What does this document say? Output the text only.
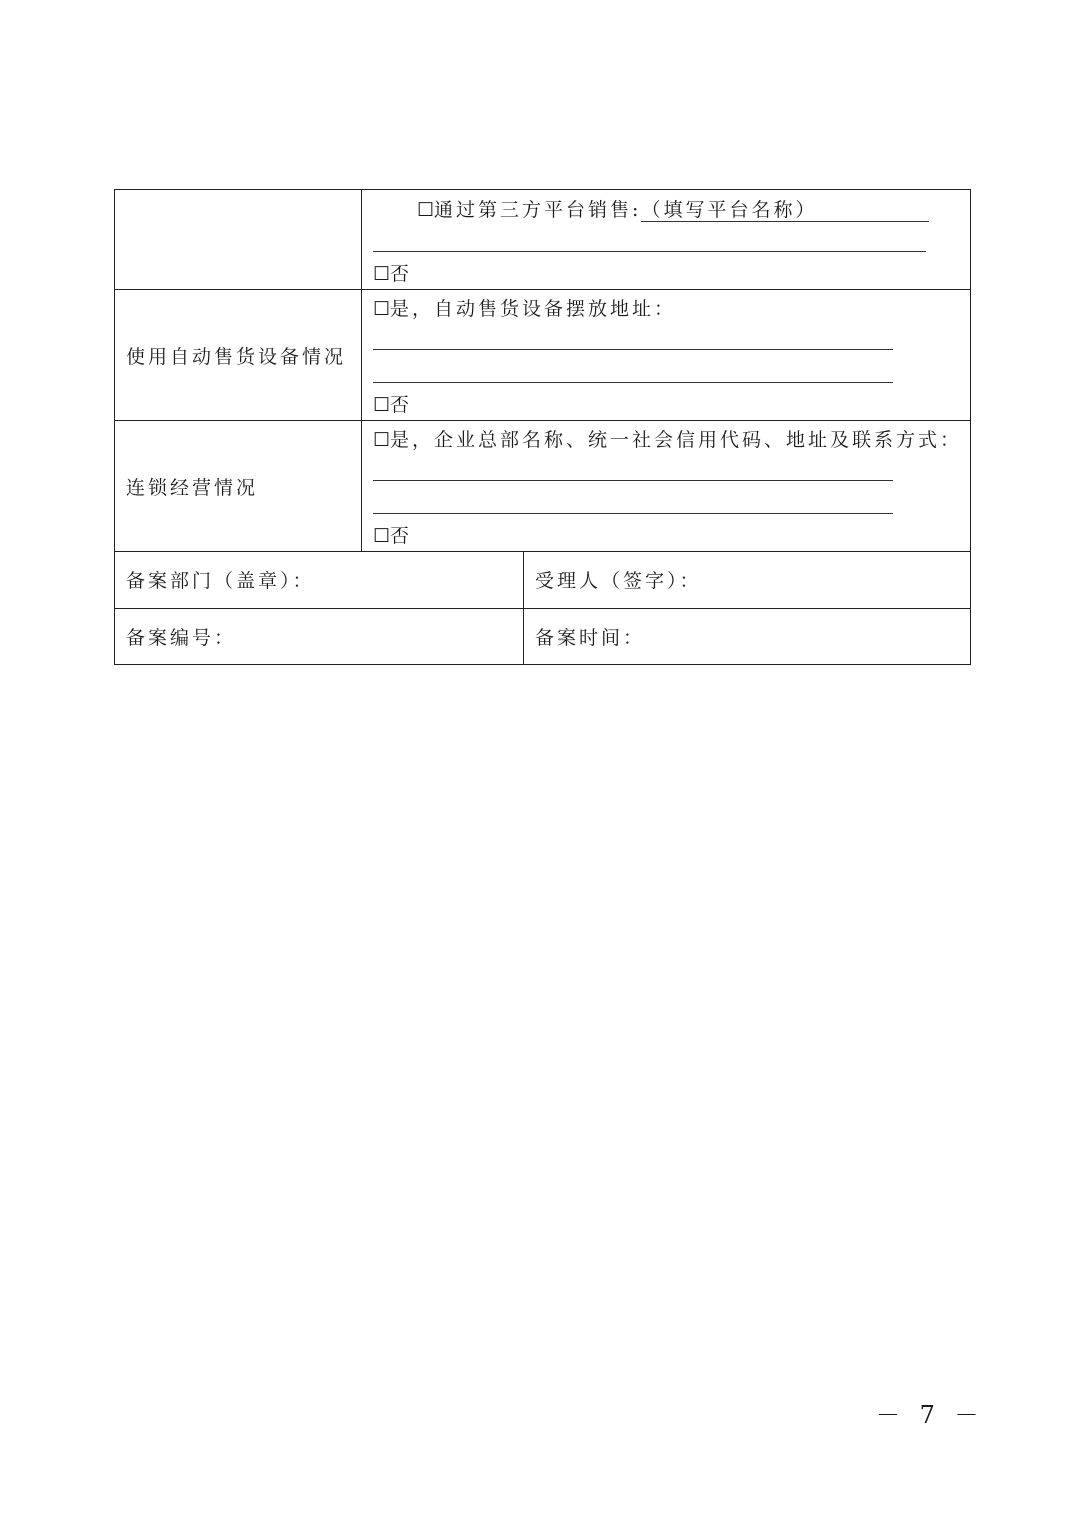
☐通过第三方平台销售:（填写平台名称）
☐否
使用自动售货设备情况
☐是，自动售货设备摆放地址：
☐否
连锁经营情况
☐是，企业总部名称、统一社会信用代码、地址及联系方式：
☐否
备案部门（盖章）：	受理人（签字）：
备案编号：	备案时间：
－ 7 －
